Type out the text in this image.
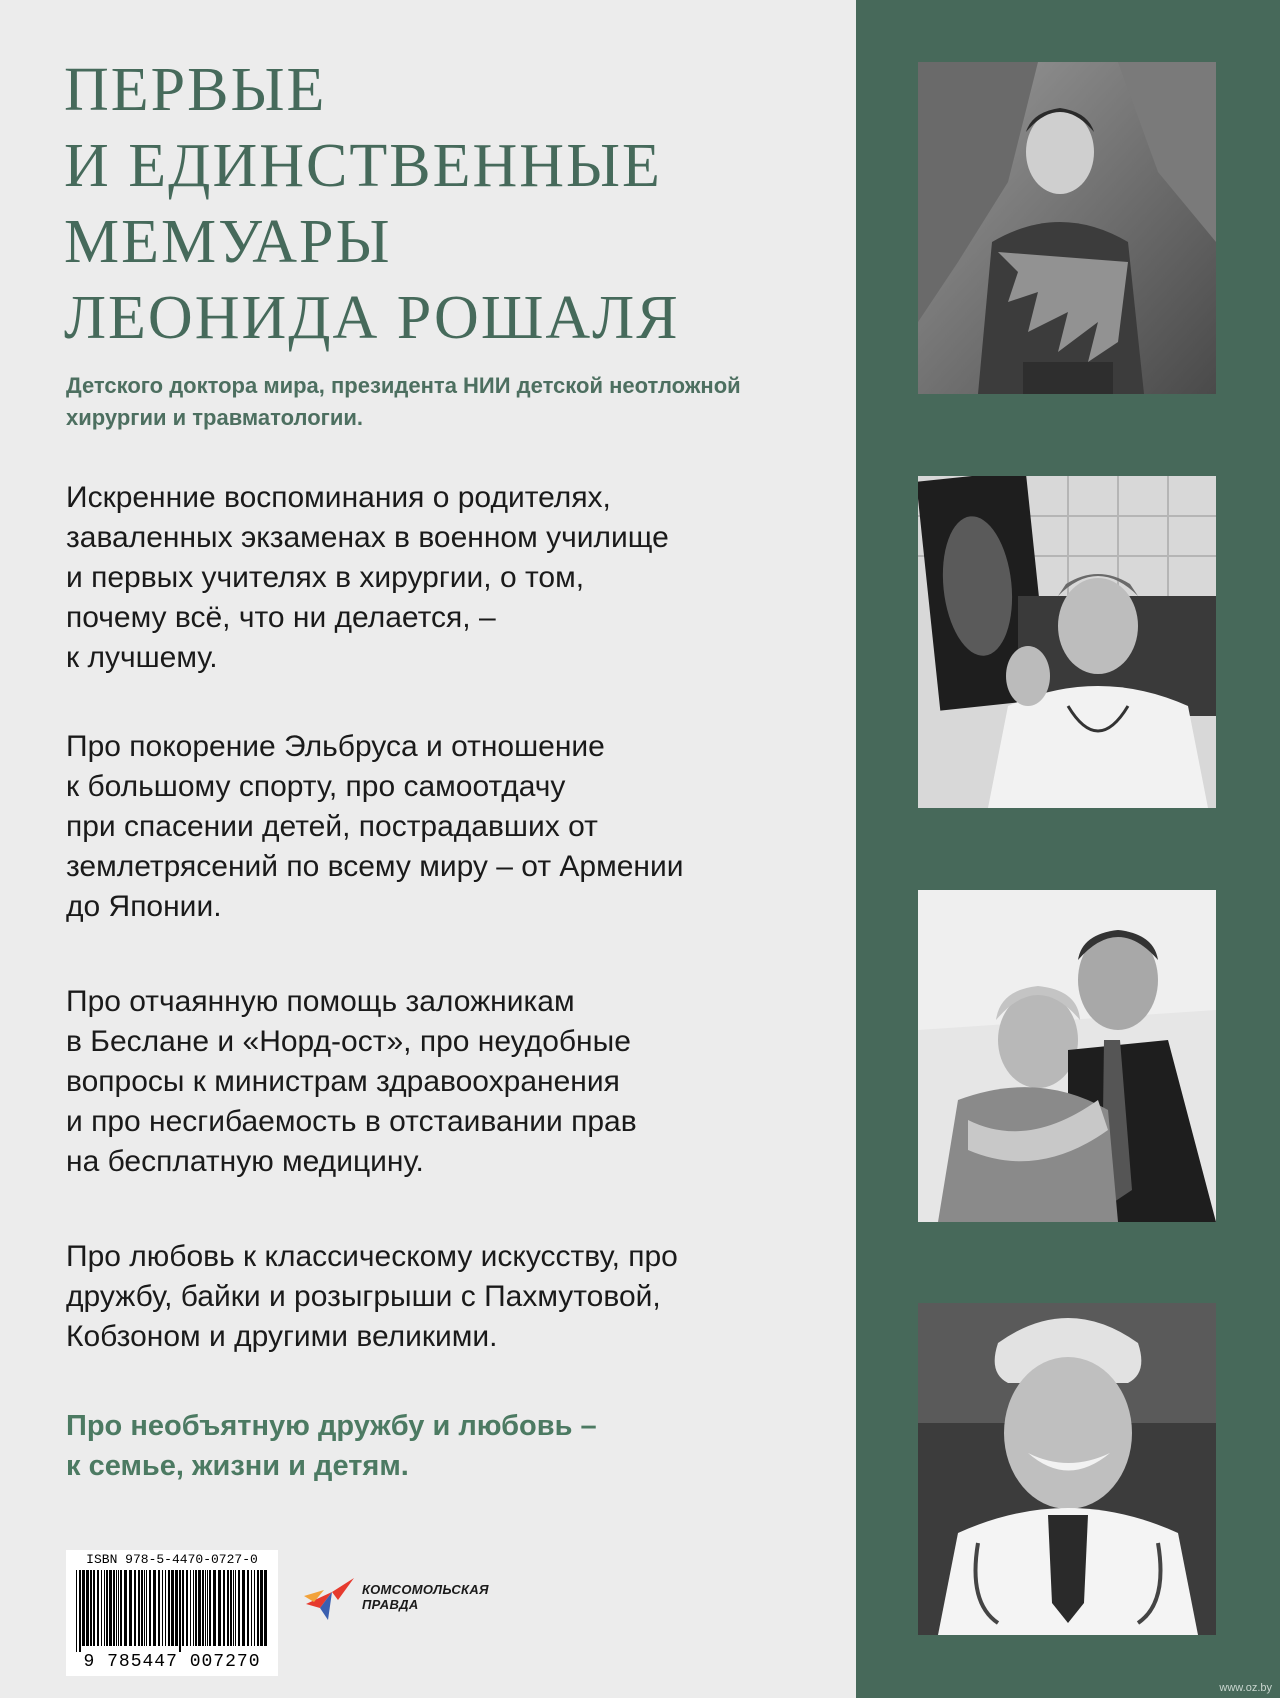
ПЕРВЫЕ
И ЕДИНСТВЕННЫЕ
МЕМУАРЫ
ЛЕОНИДА РОШАЛЯ

Детского доктора мира, президента НИИ детской неотложной хирургии и травматологии.

Искренние воспоминания о родителях,
заваленных экзаменах в военном училище
и первых учителях в хирургии, о том,
почему всё, что ни делается, –
к лучшему.

Про покорение Эльбруса и отношение
к большому спорту, про самоотдачу
при спасении детей, пострадавших от
землетрясений по всему миру – от Армении
до Японии.

Про отчаянную помощь заложникам
в Беслане и «Норд-ост», про неудобные
вопросы к министрам здравоохранения
и про несгибаемость в отстаивании прав
на бесплатную медицину.

Про любовь к классическому искусству, про
дружбу, байки и розыгрыши с Пахмутовой,
Кобзоном и другими великими.

Про необъятную дружбу и любовь –
к семье, жизни и детям.

ISBN 978-5-4470-0727-0
9 785447 007270
КОМСОМОЛЬСКАЯ
ПРАВДА
www.oz.by
